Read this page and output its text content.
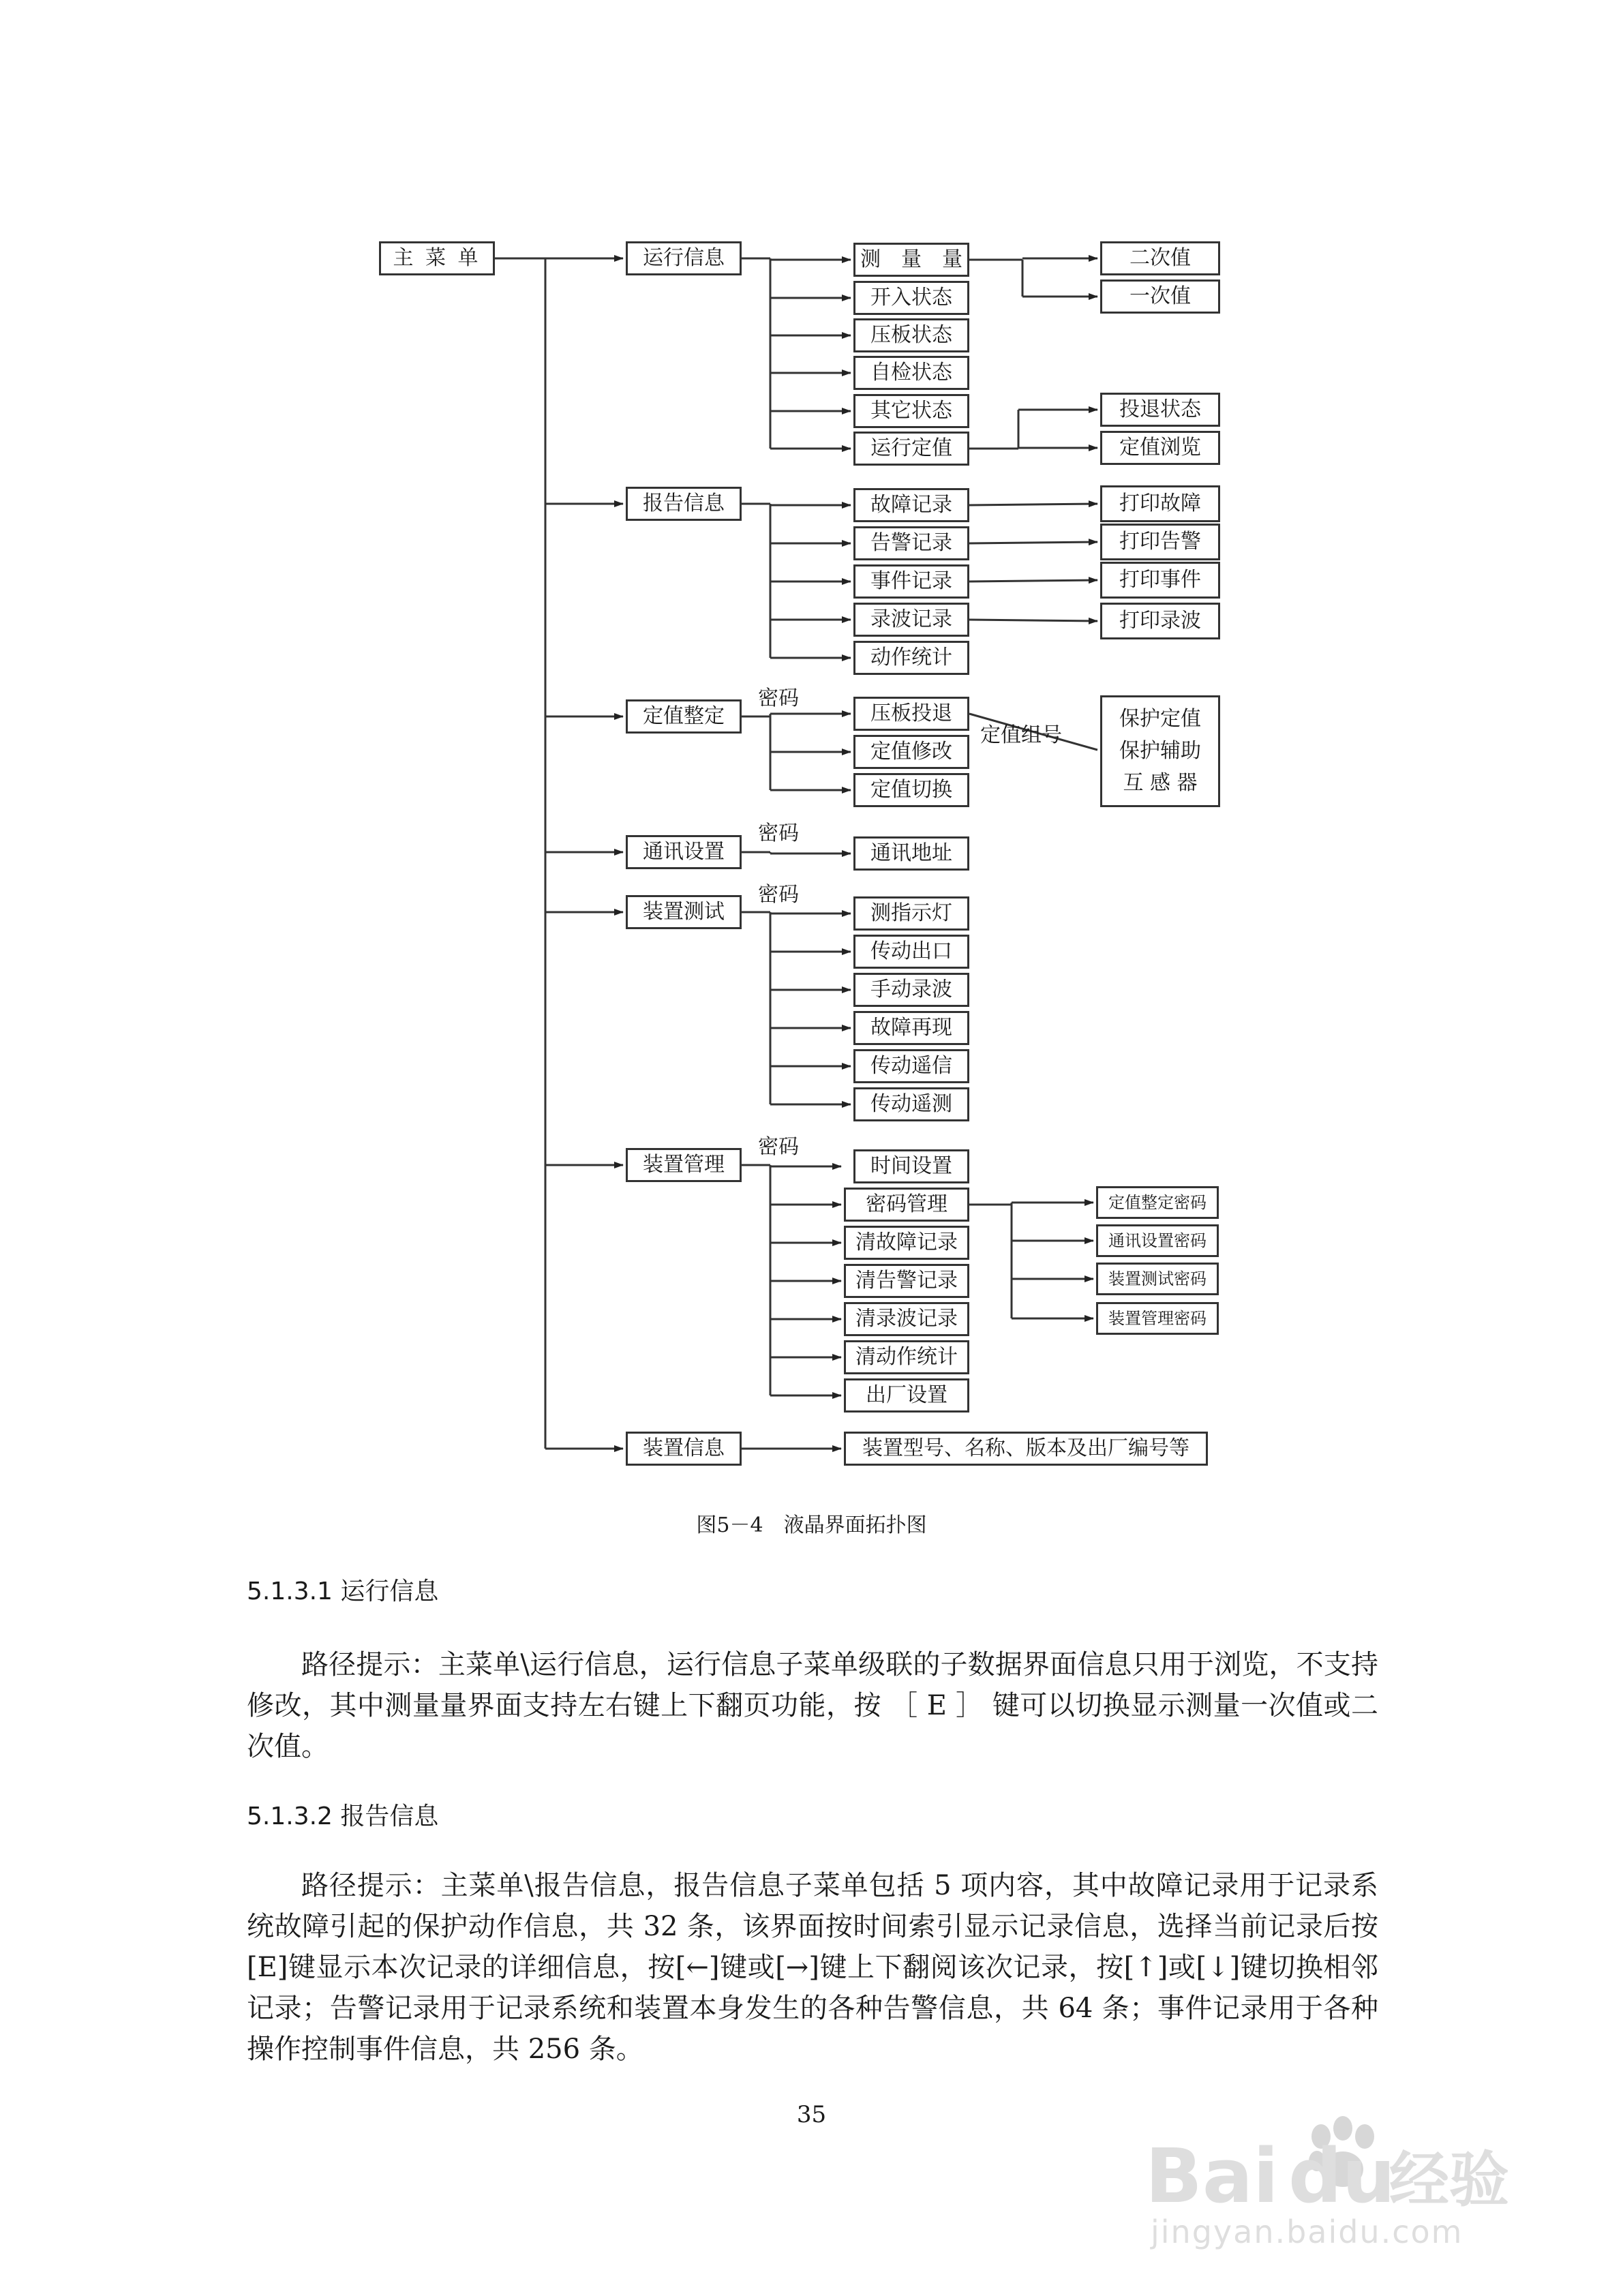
主 菜 单	运行信息
报告信息
定值整定
通讯设置
装置测试
装置管理
装置信息
密码
密码
密码
密码
定值组号
测　量　量
开入状态
压板状态
自检状态
其它状态
运行定值
故障记录
告警记录
事件记录
录波记录
动作统计
压板投退
定值修改
定值切换
通讯地址
测指示灯
传动出口
手动录波
故障再现
传动遥信
传动遥测
时间设置
密码管理
清故障记录
清告警记录
清录波记录
清动作统计
出厂设置
装置型号、名称、版本及出厂编号等
二次值
一次值
投退状态
定值浏览
打印故障
打印告警
打印事件
打印录波
保护定值
保护辅助
互 感 器
定值整定密码
通讯设置密码
装置测试密码
装置管理密码
图5－4　液晶界面拓扑图
5.1.3.1 运行信息
路径提示：主菜单\运行信息，运行信息子菜单级联的子数据界面信息只用于浏览，不支持修改，其中测量量界面支持左右键上下翻页功能，按 ［ E ］ 键可以切换显示测量一次值或二次值。
5.1.3.2 报告信息
路径提示：主菜单\报告信息，报告信息子菜单包括 5 项内容，其中故障记录用于记录系统故障引起的保护动作信息，共 32 条，该界面按时间索引显示记录信息，选择当前记录后按[E]键显示本次记录的详细信息，按[←]键或[→]键上下翻阅该次记录，按[↑]或[↓]键切换相邻记录；告警记录用于记录系统和装置本身发生的各种告警信息，共 64 条；事件记录用于各种操作控制事件信息，共 256 条。
35
Bai du
经验
jingyan.baidu.com
